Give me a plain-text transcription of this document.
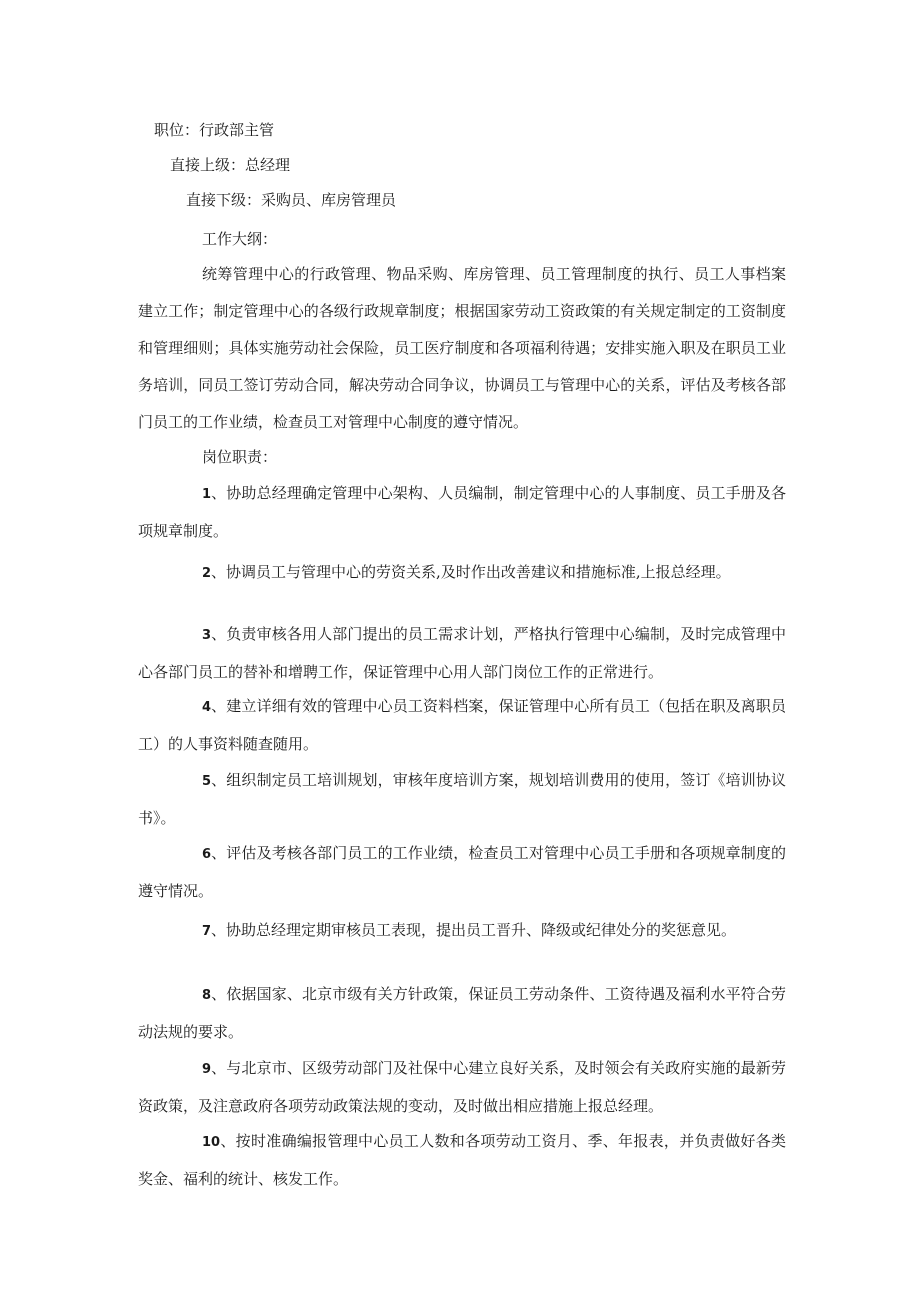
职位：行政部主管
直接上级：总经理
直接下级：采购员、库房管理员
工作大纲：
统筹管理中心的行政管理、物品采购、库房管理、员工管理制度的执行、员工人事档案建立工作；制定管理中心的各级行政规章制度；根据国家劳动工资政策的有关规定制定的工资制度和管理细则；具体实施劳动社会保险，员工医疗制度和各项福利待遇；安排实施入职及在职员工业务培训，同员工签订劳动合同，解决劳动合同争议，协调员工与管理中心的关系，评估及考核各部门员工的工作业绩，检查员工对管理中心制度的遵守情况。
岗位职责：
1、协助总经理确定管理中心架构、人员编制，制定管理中心的人事制度、员工手册及各项规章制度。
2、协调员工与管理中心的劳资关系,及时作出改善建议和措施标准,上报总经理。
3、负责审核各用人部门提出的员工需求计划，严格执行管理中心编制，及时完成管理中心各部门员工的替补和增聘工作，保证管理中心用人部门岗位工作的正常进行。
4、建立详细有效的管理中心员工资料档案，保证管理中心所有员工（包括在职及离职员工）的人事资料随查随用。
5、组织制定员工培训规划，审核年度培训方案，规划培训费用的使用，签订《培训协议书》。
6、评估及考核各部门员工的工作业绩，检查员工对管理中心员工手册和各项规章制度的遵守情况。
7、协助总经理定期审核员工表现，提出员工晋升、降级或纪律处分的奖惩意见。
8、依据国家、北京市级有关方针政策，保证员工劳动条件、工资待遇及福利水平符合劳动法规的要求。
9、与北京市、区级劳动部门及社保中心建立良好关系，及时领会有关政府实施的最新劳资政策，及注意政府各项劳动政策法规的变动，及时做出相应措施上报总经理。
10、按时准确编报管理中心员工人数和各项劳动工资月、季、年报表，并负责做好各类奖金、福利的统计、核发工作。
